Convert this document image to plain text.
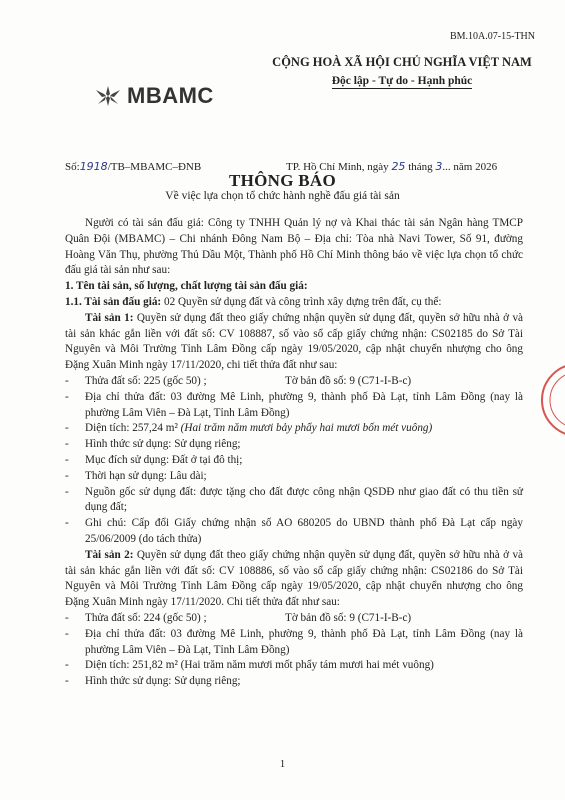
BM.10A.07-15-THN
MBAMC
CỘNG HOÀ XÃ HỘI CHỦ NGHĨA VIỆT NAM
Độc lập - Tự do - Hạnh phúc
Số:1918/TB–MBAMC–ĐNB	TP. Hồ Chí Minh, ngày 25 tháng 3... năm 2026
THÔNG BÁO
Về việc lựa chọn tổ chức hành nghề đấu giá tài sản

Người có tài sản đấu giá: Công ty TNHH Quản lý nợ và Khai thác tài sản Ngân hàng TMCP Quân Đội (MBAMC) – Chi nhánh Đông Nam Bộ – Địa chỉ: Tòa nhà Navi Tower, Số 91, đường Hoàng Văn Thụ, phường Thủ Dầu Một, Thành phố Hồ Chí Minh thông báo về việc lựa chọn tổ chức đấu giá tài sản như sau:

1. Tên tài sản, số lượng, chất lượng tài sản đấu giá:

1.1. Tài sản đấu giá: 02 Quyền sử dụng đất và công trình xây dựng trên đất, cụ thể:

Tài sản 1: Quyền sử dụng đất theo giấy chứng nhận quyền sử dụng đất, quyền sở hữu nhà ở và tài sản khác gắn liền với đất số: CV 108887, số vào sổ cấp giấy chứng nhận: CS02185 do Sở Tài Nguyên và Môi Trường Tỉnh Lâm Đồng cấp ngày 19/05/2020, cập nhật chuyển nhượng cho ông Đặng Xuân Minh ngày 17/11/2020, chi tiết thửa đất như sau:

-	Thửa đất số: 225 (gốc 50) ;	Tờ bản đồ số: 9 (C71-I-B-c)
-	Địa chỉ thửa đất: 03 đường Mê Linh, phường 9, thành phố Đà Lạt, tỉnh Lâm Đồng (nay là phường Lâm Viên – Đà Lạt, Tỉnh Lâm Đồng)
-	Diện tích: 257,24 m² (Hai trăm năm mươi bảy phẩy hai mươi bốn mét vuông)
-	Hình thức sử dụng: Sử dụng riêng;
-	Mục đích sử dụng: Đất ở tại đô thị;
-	Thời hạn sử dụng: Lâu dài;
-	Nguồn gốc sử dụng đất: được tặng cho đất được công nhận QSDĐ như giao đất có thu tiền sử dụng đất;
-	Ghi chú: Cấp đổi Giấy chứng nhận số AO 680205 do UBND thành phố Đà Lạt cấp ngày 25/06/2009 (do tách thửa)

Tài sản 2: Quyền sử dụng đất theo giấy chứng nhận quyền sử dụng đất, quyền sở hữu nhà ở và tài sản khác gắn liền với đất số: CV 108886, số vào sổ cấp giấy chứng nhận: CS02186 do Sở Tài Nguyên và Môi Trường Tỉnh Lâm Đồng cấp ngày 19/05/2020, cập nhật chuyển nhượng cho ông Đặng Xuân Minh ngày 17/11/2020. Chi tiết thửa đất như sau:

-	Thửa đất số: 224 (gốc 50) ;	Tờ bản đồ số: 9 (C71-I-B-c)
-	Địa chỉ thửa đất: 03 đường Mê Linh, phường 9, thành phố Đà Lạt, tỉnh Lâm Đồng (nay là phường Lâm Viên – Đà Lạt, Tỉnh Lâm Đồng)
-	Diện tích: 251,82 m² (Hai trăm năm mươi mốt phẩy tám mươi hai mét vuông)
-	Hình thức sử dụng: Sử dụng riêng;
1
